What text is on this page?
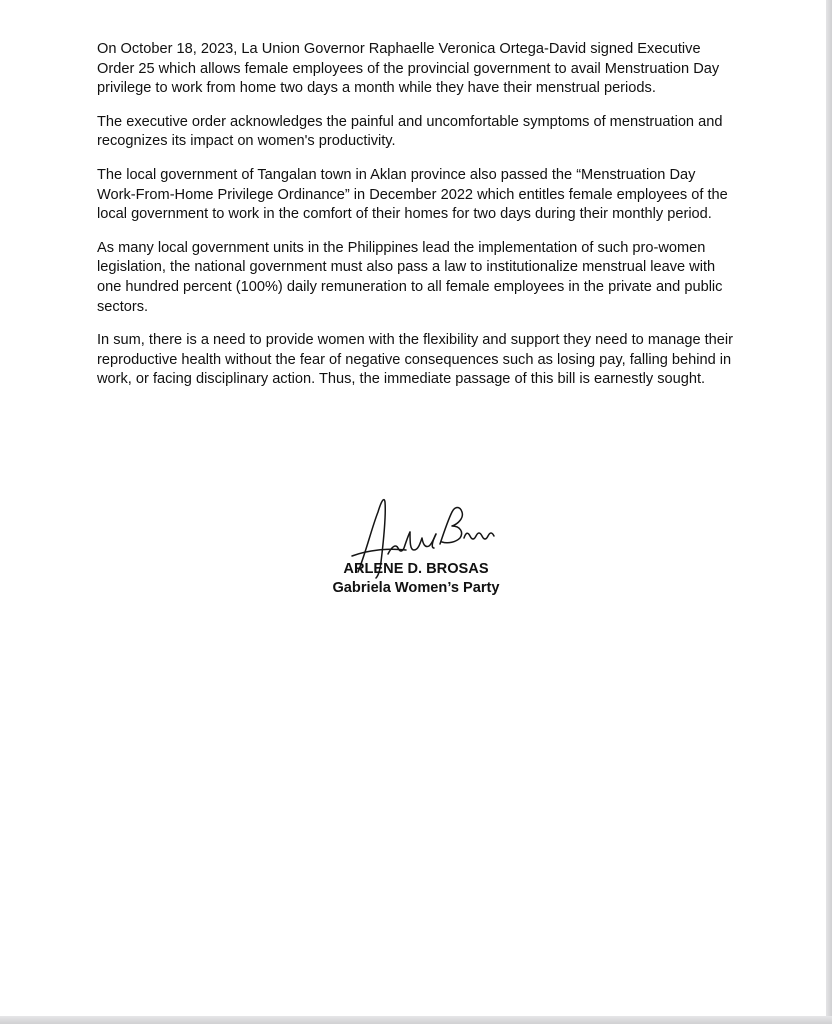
On October 18, 2023, La Union Governor Raphaelle Veronica Ortega-David signed Executive Order 25 which allows female employees of the provincial government to avail Menstruation Day privilege to work from home two days a month while they have their menstrual periods.

The executive order acknowledges the painful and uncomfortable symptoms of menstruation and recognizes its impact on women's productivity.

The local government of Tangalan town in Aklan province also passed the “Menstruation Day Work-From-Home Privilege Ordinance” in December 2022 which entitles female employees of the local government to work in the comfort of their homes for two days during their monthly period.

As many local government units in the Philippines lead the implementation of such pro-women legislation, the national government must also pass a law to institutionalize menstrual leave with one hundred percent (100%) daily remuneration to all female employees in the private and public sectors.

In sum, there is a need to provide women with the flexibility and support they need to manage their reproductive health without the fear of negative consequences such as losing pay, falling behind in work, or facing disciplinary action. Thus, the immediate passage of this bill is earnestly sought.

ARLENE D. BROSAS
Gabriela Women’s Party
